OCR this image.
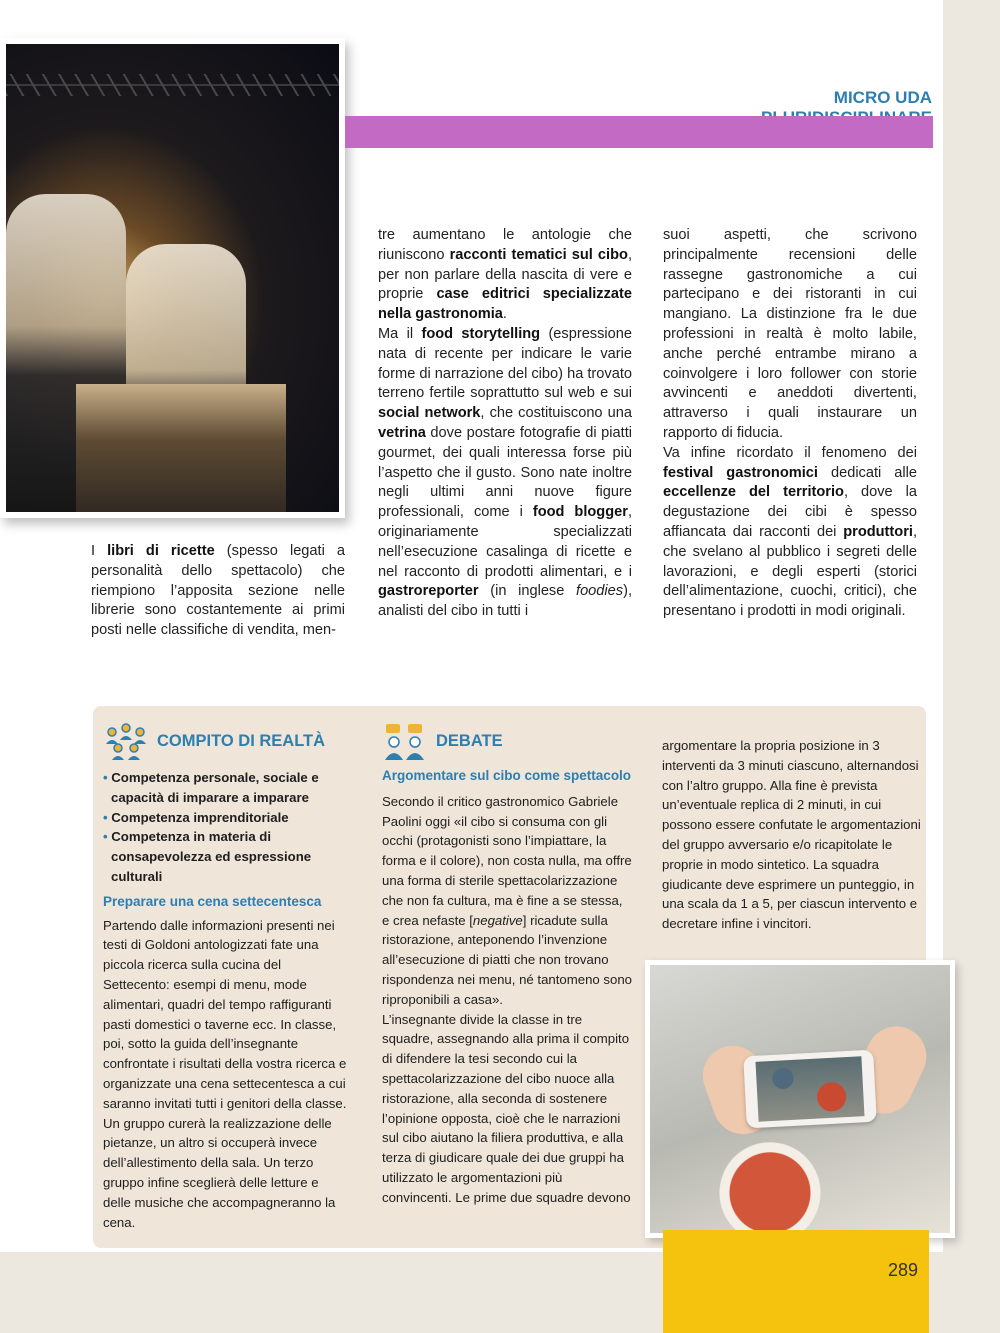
MICRO UDA

I libri di ricette (spesso legati a personalità dello spettacolo) che riempiono l’apposita sezione nelle librerie sono costantemente ai primi posti nelle classifiche di vendita, men-

tre aumentano le antologie che riuniscono racconti tematici sul cibo, per non parlare della nascita di vere e proprie case editrici specializzate nella gastronomia.
Ma il food storytelling (espressione nata di recente per indicare le varie forme di narrazione del cibo) ha trovato terreno fertile soprattutto sul web e sui social network, che costituiscono una vetrina dove postare fotografie di piatti gourmet, dei quali interessa forse più l’aspetto che il gusto. Sono nate inoltre negli ultimi anni nuove figure professionali, come i food blogger, originariamente specializzati nell’esecuzione casalinga di ricette e nel racconto di prodotti alimentari, e i gastroreporter (in inglese foodies), analisti del cibo in tutti i

suoi aspetti, che scrivono principalmente recensioni delle rassegne gastronomiche a cui partecipano e dei ristoranti in cui mangiano. La distinzione fra le due professioni in realtà è molto labile, anche perché entrambe mirano a coinvolgere i loro follower con storie avvincenti e aneddoti divertenti, attraverso i quali instaurare un rapporto di fiducia.
Va infine ricordato il fenomeno dei festival gastronomici dedicati alle eccellenze del territorio, dove la degustazione dei cibi è spesso affiancata dai racconti dei produttori, che svelano al pubblico i segreti delle lavorazioni, e degli esperti (storici dell’alimentazione, cuochi, critici), che presentano i prodotti in modi originali.

COMPITO DI REALTÀ
• Competenza personale, sociale e capacità di imparare a imparare
• Competenza imprenditoriale
• Competenza in materia di consapevolezza ed espressione culturali
Preparare una cena settecentesca

Partendo dalle informazioni presenti nei testi di Goldoni antologizzati fate una piccola ricerca sulla cucina del Settecento: esempi di menu, mode alimentari, quadri del tempo raffiguranti pasti domestici o taverne ecc. In classe, poi, sotto la guida dell’insegnante confrontate i risultati della vostra ricerca e organizzate una cena settecentesca a cui saranno invitati tutti i genitori della classe. Un gruppo curerà la realizzazione delle pietanze, un altro si occuperà invece dell’allestimento della sala. Un terzo gruppo infine sceglierà delle letture e delle musiche che accompagneranno la cena.

DEBATE
Argomentare sul cibo come spettacolo

Secondo il critico gastronomico Gabriele Paolini oggi «il cibo si consuma con gli occhi (protagonisti sono l’impiattare, la forma e il colore), non costa nulla, ma offre una forma di sterile spettacolarizzazione che non fa cultura, ma è fine a se stessa, e crea nefaste [negative] ricadute sulla ristorazione, anteponendo l’invenzione all’esecuzione di piatti che non trovano rispondenza nei menu, né tantomeno sono riproponibili a casa».

L’insegnante divide la classe in tre squadre, assegnando alla prima il compito di difendere la tesi secondo cui la spettacolarizzazione del cibo nuoce alla ristorazione, alla seconda di sostenere l’opinione opposta, cioè che le narrazioni sul cibo aiutano la filiera produttiva, e alla terza di giudicare quale dei due gruppi ha utilizzato le argomentazioni più convincenti. Le prime due squadre devono

argomentare la propria posizione in 3 interventi da 3 minuti ciascuno, alternandosi con l’altro gruppo. Alla fine è prevista un’eventuale replica di 2 minuti, in cui possono essere confutate le argomentazioni del gruppo avversario e/o ricapitolate le proprie in modo sintetico. La squadra giudicante deve esprimere un punteggio, in una scala da 1 a 5, per ciascun intervento e decretare infine i vincitori.

289
